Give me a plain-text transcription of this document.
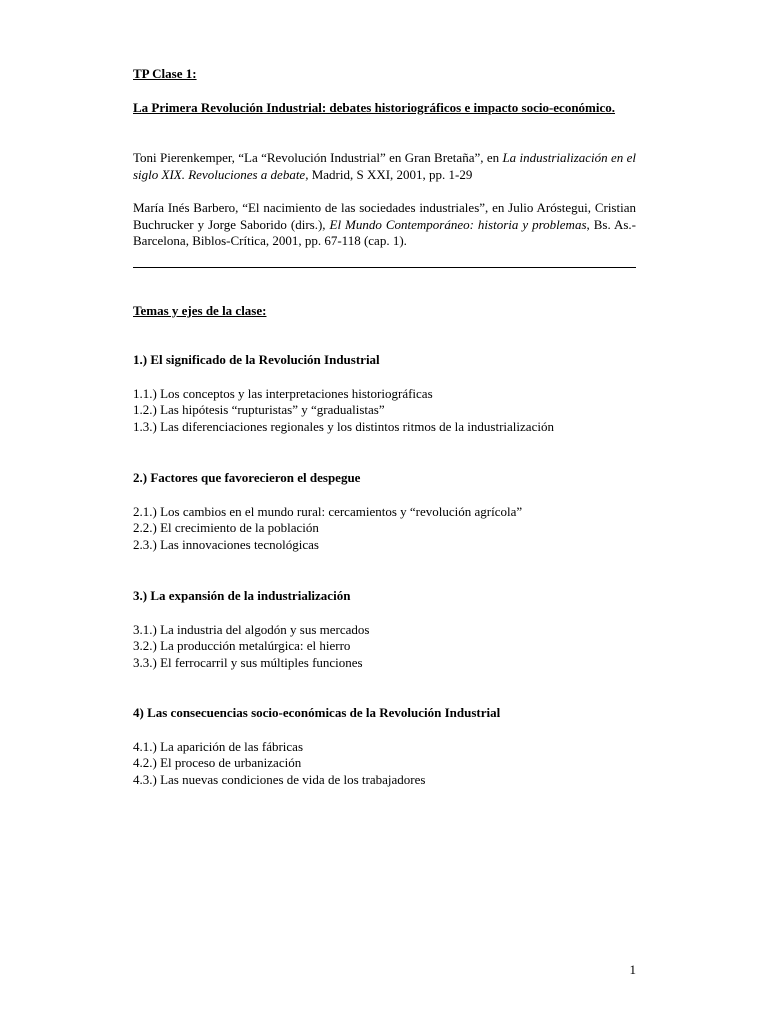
TP Clase 1:

La Primera Revolución Industrial: debates historiográficos e impacto socio-económico.

Toni Pierenkemper, “La “Revolución Industrial” en Gran Bretaña”, en La industrialización en el siglo XIX. Revoluciones a debate, Madrid, S XXI, 2001, pp. 1-29

María Inés Barbero, “El nacimiento de las sociedades industriales”, en Julio Aróstegui, Cristian Buchrucker y Jorge Saborido (dirs.), El Mundo Contemporáneo: historia y problemas, Bs. As.-Barcelona, Biblos-Crítica, 2001, pp. 67-118 (cap. 1).

Temas y ejes de la clase:

1.) El significado de la Revolución Industrial
1.1.) Los conceptos y las interpretaciones historiográficas
1.2.) Las hipótesis “rupturistas” y “gradualistas”
1.3.) Las diferenciaciones regionales y los distintos ritmos de la industrialización
2.) Factores que favorecieron el despegue
2.1.) Los cambios en el mundo rural: cercamientos y “revolución agrícola”
2.2.) El crecimiento de la población
2.3.) Las innovaciones tecnológicas
3.) La expansión de la industrialización
3.1.) La industria del algodón y sus mercados
3.2.) La producción metalúrgica: el hierro
3.3.) El ferrocarril y sus múltiples funciones
4) Las consecuencias socio-económicas de la Revolución Industrial
4.1.) La aparición de las fábricas
4.2.) El proceso de urbanización
4.3.) Las nuevas condiciones de vida de los trabajadores
1
